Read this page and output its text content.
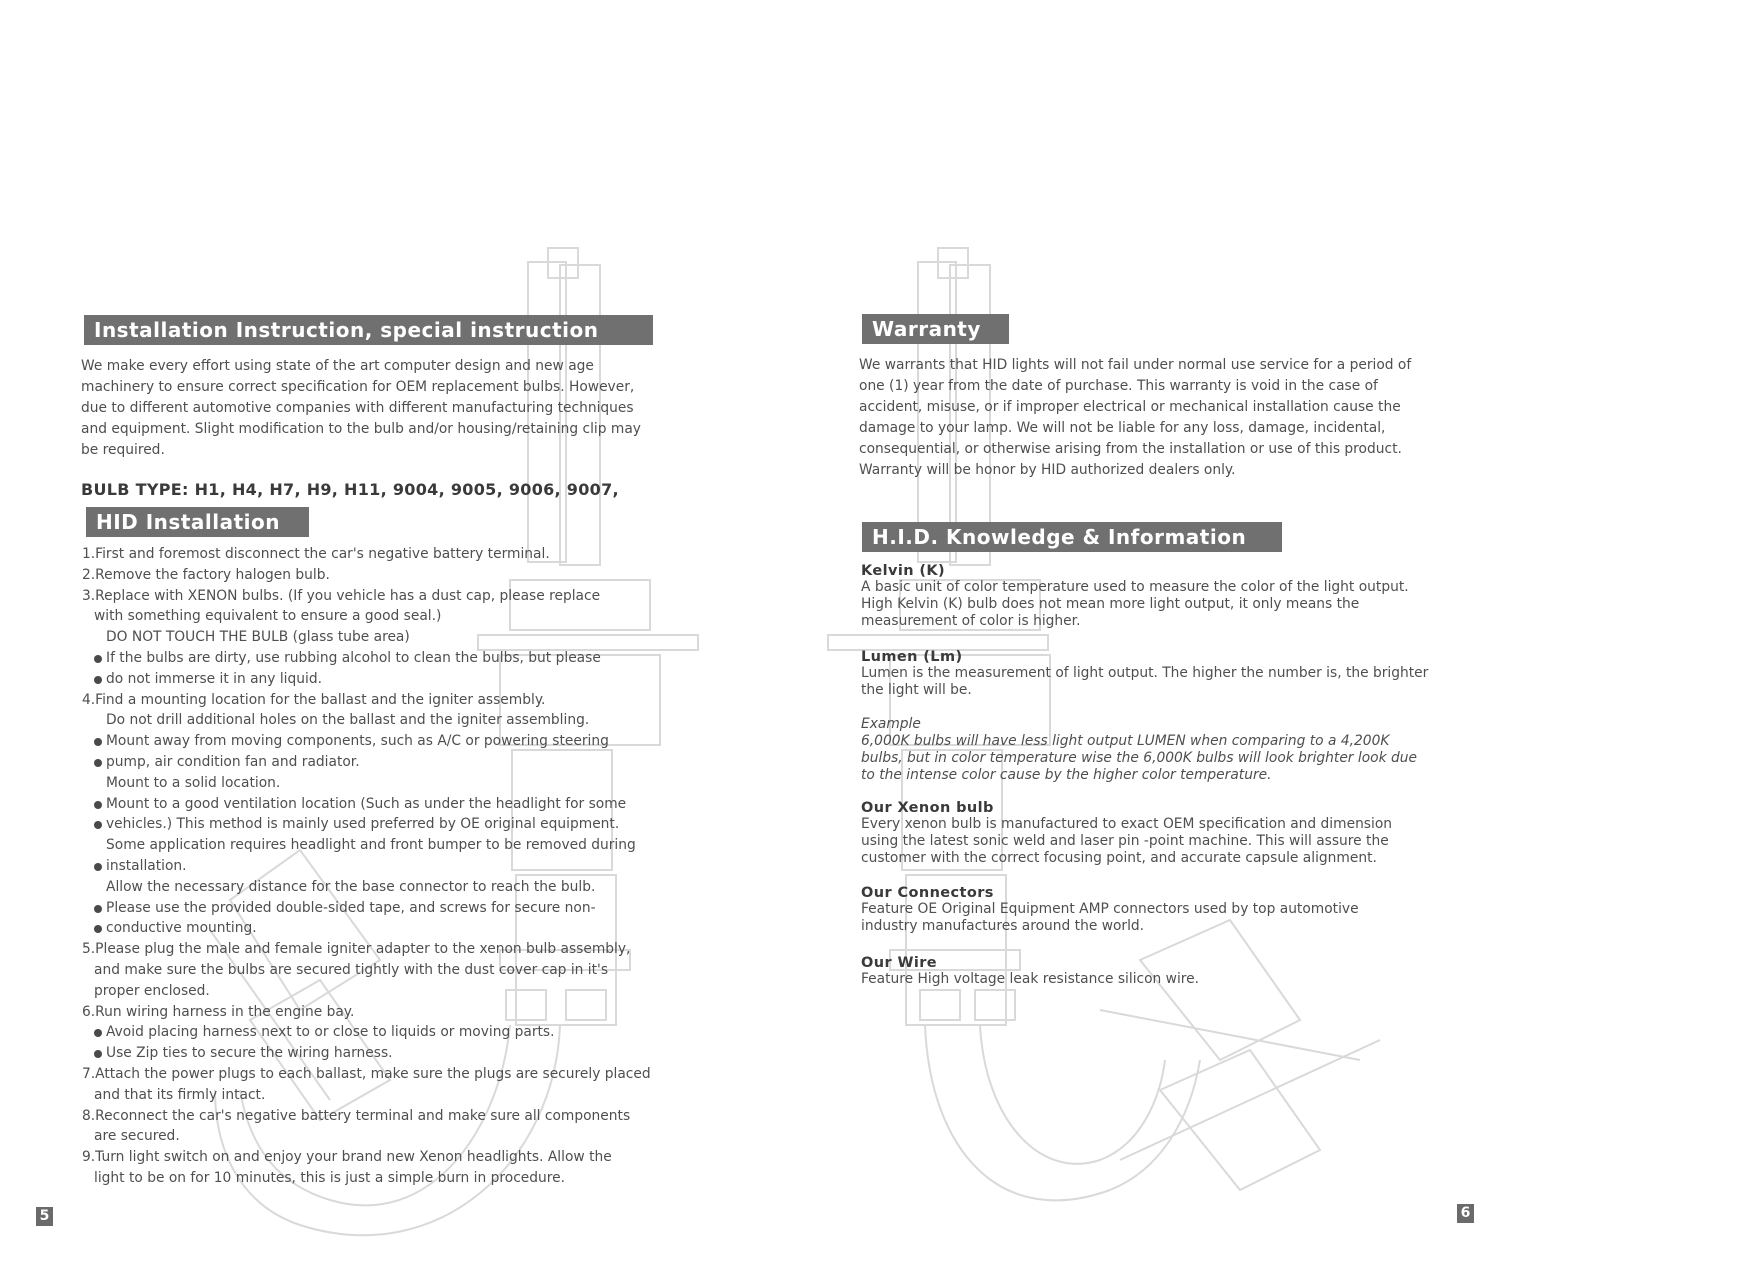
Installation Instruction, special instruction
We make every effort using state of the art computer design and new age
machinery to ensure correct specification for OEM replacement bulbs. However,
due to different automotive companies with different manufacturing techniques
and equipment. Slight modification to the bulb and/or housing/retaining clip may
be required.
BULB TYPE: H1, H4, H7, H9, H11, 9004, 9005, 9006, 9007,
HID Installation
1.First and foremost disconnect the car's negative battery terminal.
2.Remove the factory halogen bulb.
3.Replace with XENON bulbs. (If you vehicle has a dust cap, please replace
with something equivalent to ensure a good seal.)
DO NOT TOUCH THE BULB (glass tube area)
If the bulbs are dirty, use rubbing alcohol to clean the bulbs, but please
do not immerse it in any liquid.
4.Find a mounting location for the ballast and the igniter assembly.
Do not drill additional holes on the ballast and the igniter assembling.
Mount away from moving components, such as A/C or powering steering
pump, air condition fan and radiator.
Mount to a solid location.
Mount to a good ventilation location (Such as under the headlight for some
vehicles.) This method is mainly used preferred by OE original equipment.
Some application requires headlight and front bumper to be removed during
installation.
Allow the necessary distance for the base connector to reach the bulb.
Please use the provided double-sided tape, and screws for secure non-
conductive mounting.
5.Please plug the male and female igniter adapter to the xenon bulb assembly,
and make sure the bulbs are secured tightly with the dust cover cap in it's
proper enclosed.
6.Run wiring harness in the engine bay.
Avoid placing harness next to or close to liquids or moving parts.
Use Zip ties to secure the wiring harness.
7.Attach the power plugs to each ballast, make sure the plugs are securely placed
and that its firmly intact.
8.Reconnect the car's negative battery terminal and make sure all components
are secured.
9.Turn light switch on and enjoy your brand new Xenon headlights. Allow the
light to be on for 10 minutes, this is just a simple burn in procedure.
5
Warranty
We warrants that HID lights will not fail under normal use service for a period of
one (1) year from the date of purchase. This warranty is void in the case of
accident, misuse, or if improper electrical or mechanical installation cause the
damage to your lamp. We will not be liable for any loss, damage, incidental,
consequential, or otherwise arising from the installation or use of this product.
Warranty will be honor by HID authorized dealers only.
H.I.D. Knowledge & Information

Kelvin (K)

A basic unit of color temperature used to measure the color of the light output.

High Kelvin (K) bulb does not mean more light output, it only means the

measurement of color is higher.

Lumen (Lm)

Lumen is the measurement of light output. The higher the number is, the brighter

the light will be.

Example

6,000K bulbs will have less light output LUMEN when comparing to a 4,200K

bulbs, but in color temperature wise the 6,000K bulbs will look brighter look due

to the intense color cause by the higher color temperature.

Our Xenon bulb

Every xenon bulb is manufactured to exact OEM specification and dimension

using the latest sonic weld and laser pin -point machine. This will assure the

customer with the correct focusing point, and accurate capsule alignment.

Our Connectors

Feature OE Original Equipment AMP connectors used by top automotive

industry manufactures around the world.

Our Wire

Feature High voltage leak resistance silicon wire.

6
